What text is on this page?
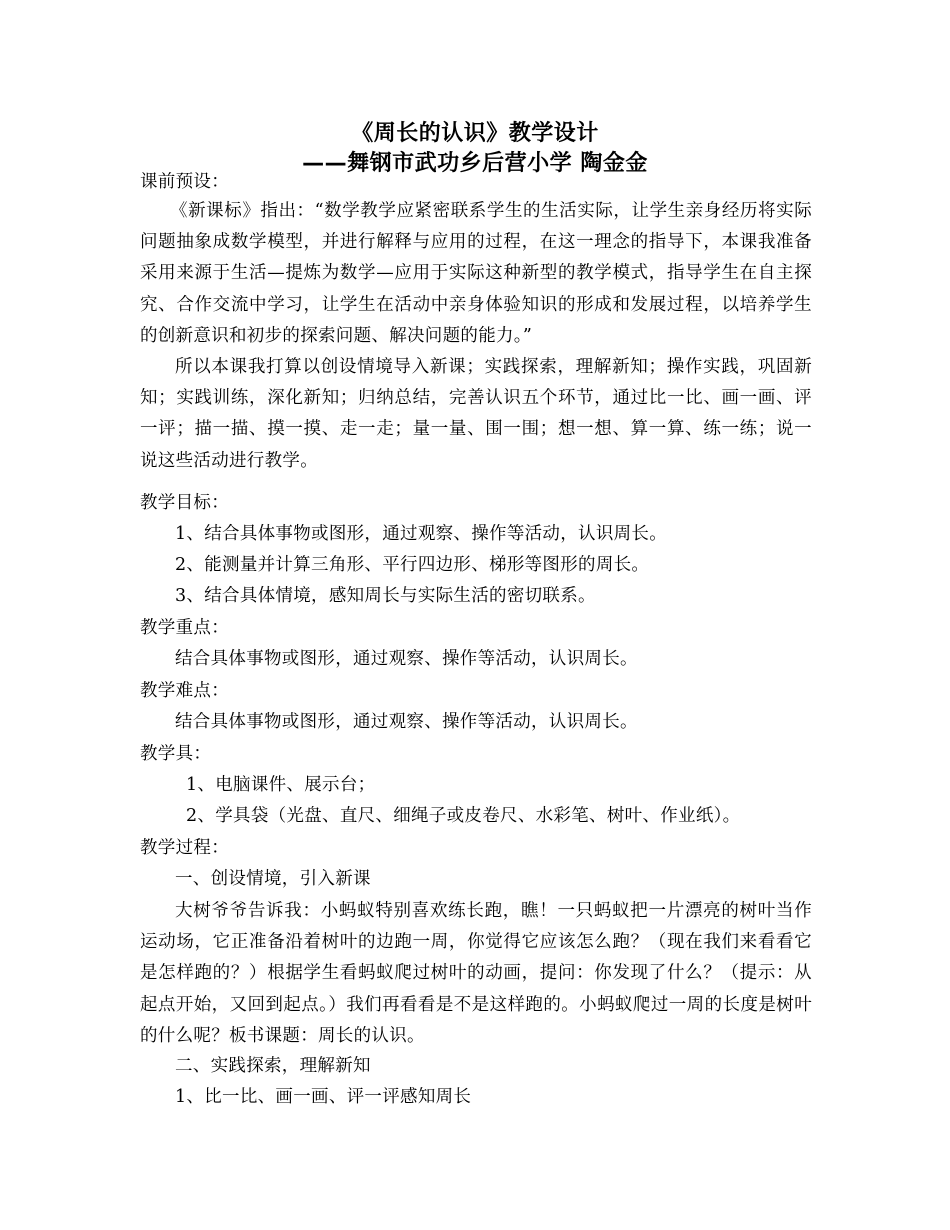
《周长的认识》教学设计
——舞钢市武功乡后营小学 陶金金
课前预设：
《新课标》指出：“数学教学应紧密联系学生的生活实际，让学生亲身经历将实际问题抽象成数学模型，并进行解释与应用的过程，在这一理念的指导下，本课我准备采用来源于生活—提炼为数学—应用于实际这种新型的教学模式，指导学生在自主探究、合作交流中学习，让学生在活动中亲身体验知识的形成和发展过程，以培养学生的创新意识和初步的探索问题、解决问题的能力。”
所以本课我打算以创设情境导入新课；实践探索，理解新知；操作实践，巩固新知；实践训练，深化新知；归纳总结，完善认识五个环节，通过比一比、画一画、评一评；描一描、摸一摸、走一走；量一量、围一围；想一想、算一算、练一练；说一说这些活动进行教学。
教学目标：
1、结合具体事物或图形，通过观察、操作等活动，认识周长。
2、能测量并计算三角形、平行四边形、梯形等图形的周长。
3、结合具体情境，感知周长与实际生活的密切联系。
教学重点：
结合具体事物或图形，通过观察、操作等活动，认识周长。
教学难点：
结合具体事物或图形，通过观察、操作等活动，认识周长。
教学具：
1、电脑课件、展示台；
2、学具袋（光盘、直尺、细绳子或皮卷尺、水彩笔、树叶、作业纸）。
教学过程：
一、创设情境，引入新课
大树爷爷告诉我：小蚂蚁特别喜欢练长跑，瞧！一只蚂蚁把一片漂亮的树叶当作运动场，它正准备沿着树叶的边跑一周，你觉得它应该怎么跑？（现在我们来看看它是怎样跑的？）根据学生看蚂蚁爬过树叶的动画，提问：你发现了什么？（提示：从起点开始，又回到起点。）我们再看看是不是这样跑的。小蚂蚁爬过一周的长度是树叶的什么呢？板书课题：周长的认识。
二、实践探索，理解新知
1、比一比、画一画、评一评感知周长
